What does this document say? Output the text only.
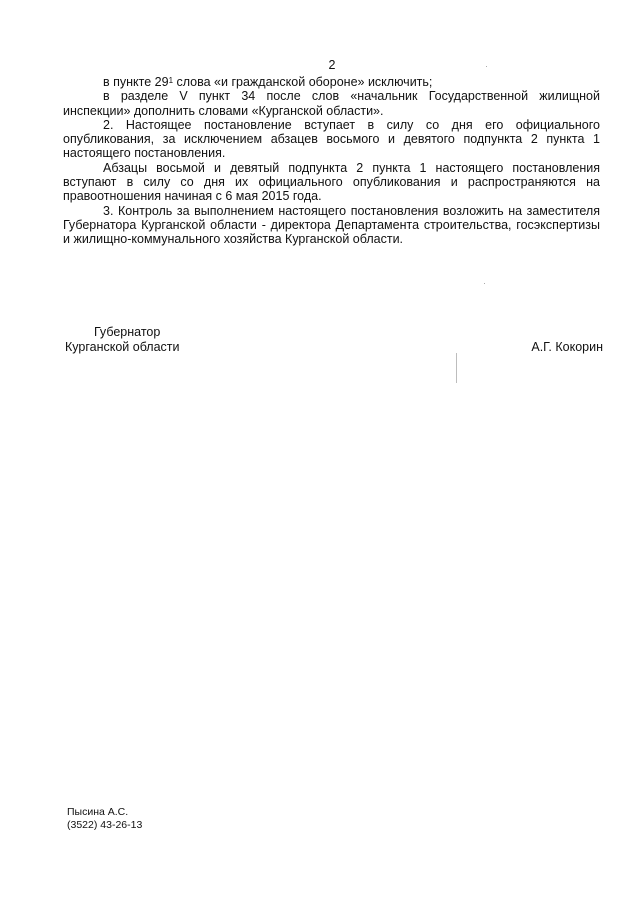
2

в пункте $29^1$ слова «и гражданской обороне» исключить;

в разделе V пункт 34 после слов «начальник Государственной жилищной инспекции» дополнить словами «Курганской области».

2. Настоящее постановление вступает в силу со дня его официального опубликования, за исключением абзацев восьмого и девятого подпункта 2 пункта 1 настоящего постановления.

Абзацы восьмой и девятый подпункта 2 пункта 1 настоящего постановления вступают в силу со дня их официального опубликования и распространяются на правоотношения начиная с 6 мая 2015 года.

3. Контроль за выполнением настоящего постановления возложить на заместителя Губернатора Курганской области - директора Департамента строительства, госэкспертизы и жилищно-коммунального хозяйства Курганской области.

Губернатор
Курганской области	А.Г. Кокорин
Пысина А.С.
(3522) 43-26-13
